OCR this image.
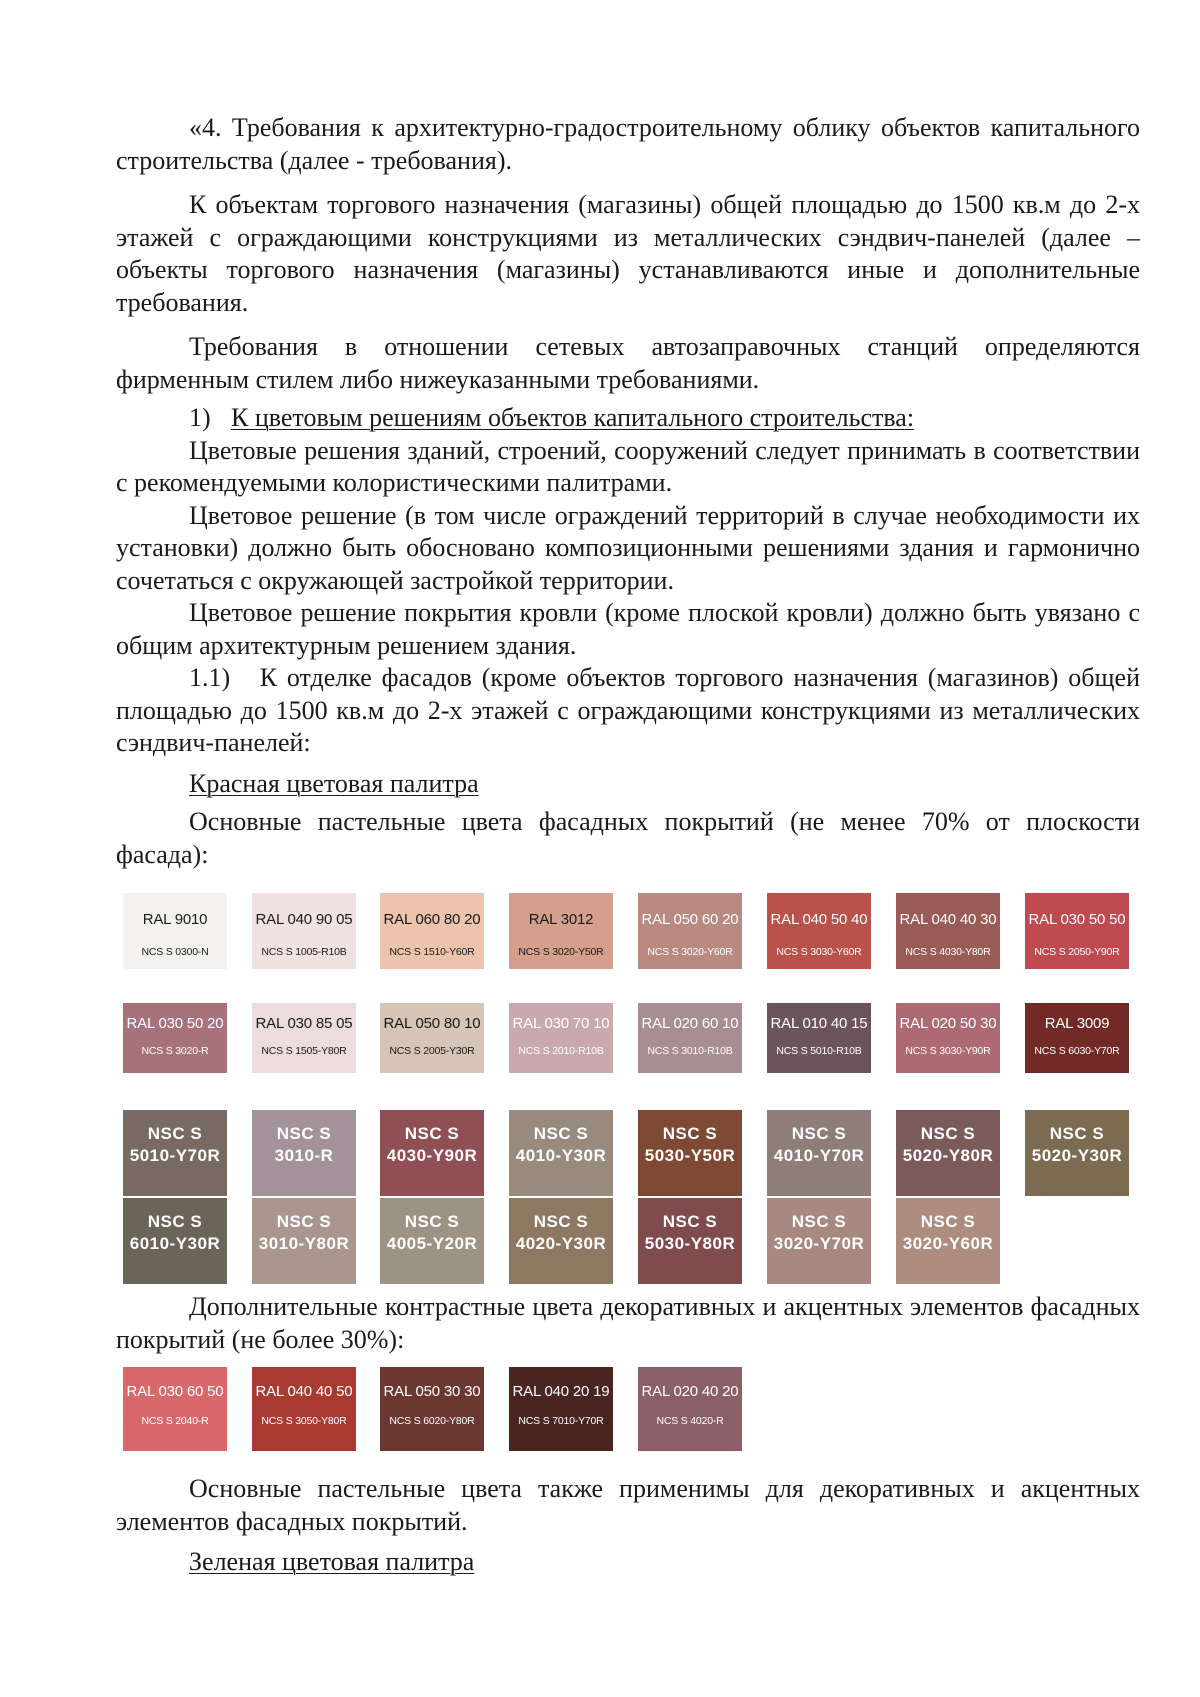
«4. Требования к архитектурно-градостроительному облику объектов капитального строительства (далее - требования).

К объектам торгового назначения (магазины) общей площадью до 1500 кв.м до 2-х этажей с ограждающими конструкциями из металлических сэндвич-панелей (далее – объекты торгового назначения (магазины) устанавливаются иные и дополнительные требования.

Требования в отношении сетевых автозаправочных станций определяются фирменным стилем либо нижеуказанными требованиями.

1) К цветовым решениям объектов капитального строительства:

Цветовые решения зданий, строений, сооружений следует принимать в соответствии с рекомендуемыми колористическими палитрами.

Цветовое решение (в том числе ограждений территорий в случае необходимости их установки) должно быть обосновано композиционными решениями здания и гармонично сочетаться с окружающей застройкой территории.

Цветовое решение покрытия кровли (кроме плоской кровли) должно быть увязано с общим архитектурным решением здания.

1.1) К отделке фасадов (кроме объектов торгового назначения (магазинов) общей площадью до 1500 кв.м до 2-х этажей с ограждающими конструкциями из металлических сэндвич-панелей:

Красная цветовая палитра

Основные пастельные цвета фасадных покрытий (не менее 70% от плоскости фасада):

RAL 9010
NCS S 0300-N
RAL 040 90 05
NCS S 1005-R10B
RAL 060 80 20
NCS S 1510-Y60R
RAL 3012
NCS S 3020-Y50R
RAL 050 60 20
NCS S 3020-Y60R
RAL 040 50 40
NCS S 3030-Y60R
RAL 040 40 30
NCS S 4030-Y80R
RAL 030 50 50
NCS S 2050-Y90R
RAL 030 50 20
NCS S 3020-R
RAL 030 85 05
NCS S 1505-Y80R
RAL 050 80 10
NCS S 2005-Y30R
RAL 030 70 10
NCS S 2010-R10B
RAL 020 60 10
NCS S 3010-R10B
RAL 010 40 15
NCS S 5010-R10B
RAL 020 50 30
NCS S 3030-Y90R
RAL 3009
NCS S 6030-Y70R
NSC S
5010-Y70R
NSC S
3010-R
NSC S
4030-Y90R
NSC S
4010-Y30R
NSC S
5030-Y50R
NSC S
4010-Y70R
NSC S
5020-Y80R
NSC S
5020-Y30R
NSC S
6010-Y30R
NSC S
3010-Y80R
NSC S
4005-Y20R
NSC S
4020-Y30R
NSC S
5030-Y80R
NSC S
3020-Y70R
NSC S
3020-Y60R

Дополнительные контрастные цвета декоративных и акцентных элементов фасадных покрытий (не более 30%):

Основные пастельные цвета также применимы для декоративных и акцентных элементов фасадных покрытий.

Зеленая цветовая палитра
RAL 030 60 50
NCS S 2040-R
RAL 040 40 50
NCS S 3050-Y80R
RAL 050 30 30
NCS S 6020-Y80R
RAL 040 20 19
NCS S 7010-Y70R
RAL 020 40 20
NCS S 4020-R
